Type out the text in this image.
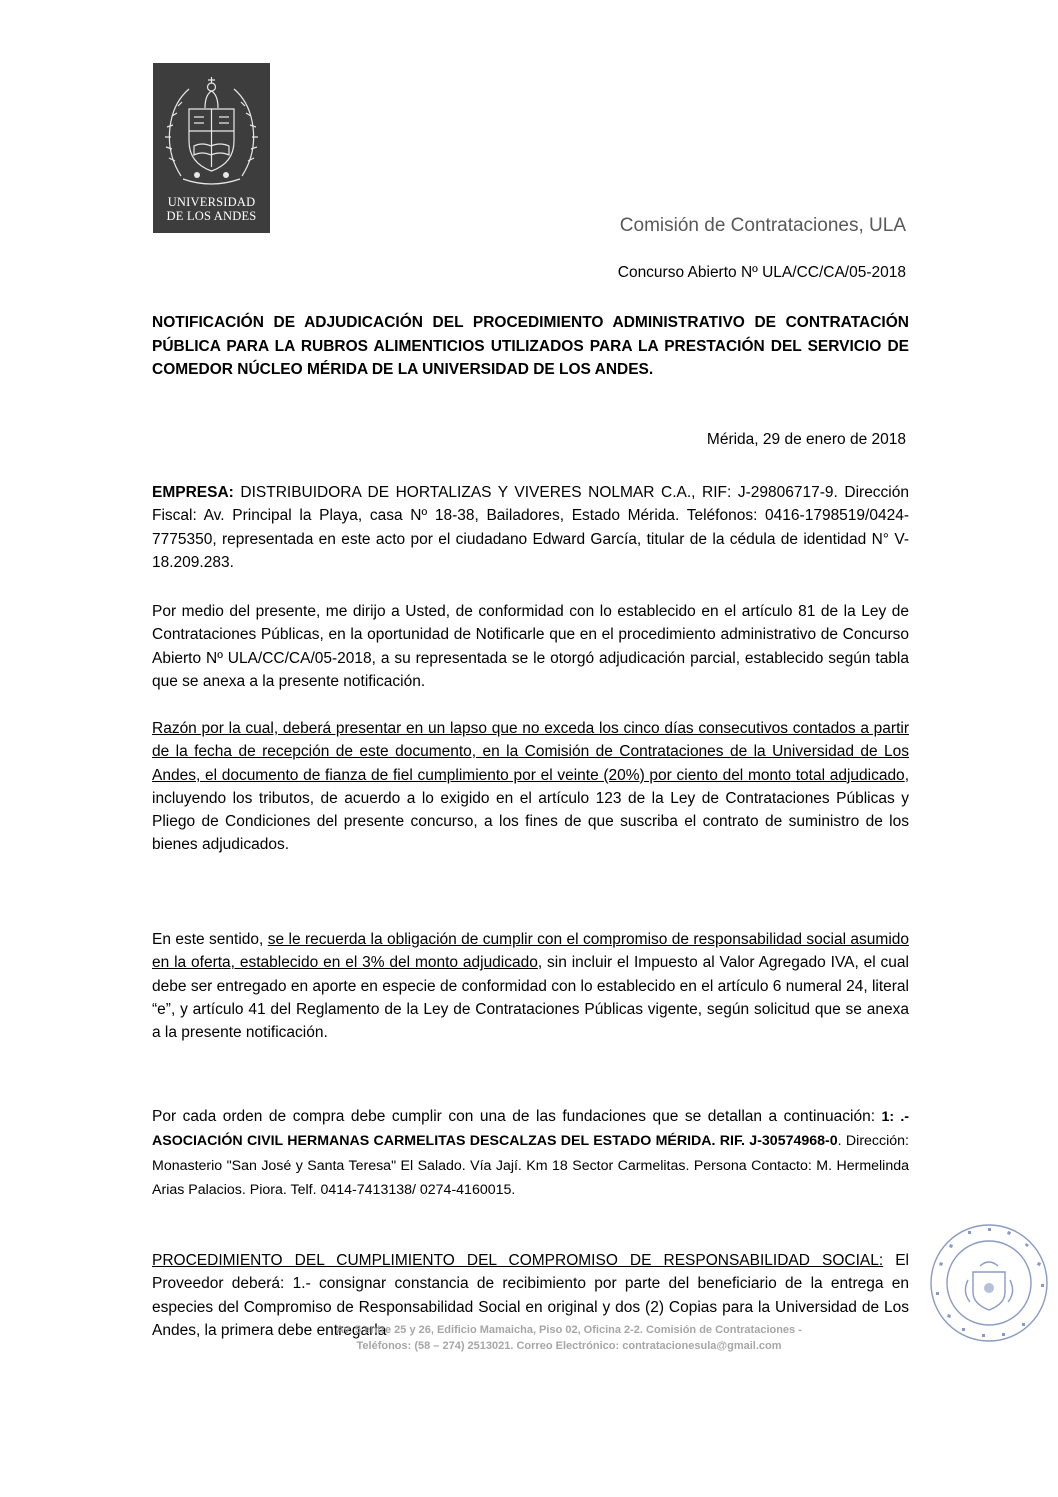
UNIVERSIDAD
DE LOS ANDES	Comisión de Contrataciones, ULA
Concurso Abierto Nº ULA/CC/CA/05-2018
NOTIFICACIÓN DE ADJUDICACIÓN DEL PROCEDIMIENTO ADMINISTRATIVO DE CONTRATACIÓN PÚBLICA PARA LA RUBROS ALIMENTICIOS UTILIZADOS PARA LA PRESTACIÓN DEL SERVICIO DE COMEDOR NÚCLEO MÉRIDA DE LA UNIVERSIDAD DE LOS ANDES.
Mérida, 29 de enero de 2018
EMPRESA: DISTRIBUIDORA DE HORTALIZAS Y VIVERES NOLMAR C.A., RIF: J-29806717-9. Dirección Fiscal: Av. Principal la Playa, casa Nº 18-38, Bailadores, Estado Mérida. Teléfonos: 0416-1798519/0424-7775350, representada en este acto por el ciudadano Edward García, titular de la cédula de identidad N° V-18.209.283.
Por medio del presente, me dirijo a Usted, de conformidad con lo establecido en el artículo 81 de la Ley de Contrataciones Públicas, en la oportunidad de Notificarle que en el procedimiento administrativo de Concurso Abierto Nº ULA/CC/CA/05-2018, a su representada se le otorgó adjudicación parcial, establecido según tabla que se anexa a la presente notificación.
Razón por la cual, deberá presentar en un lapso que no exceda los cinco días consecutivos contados a partir de la fecha de recepción de este documento, en la Comisión de Contrataciones de la Universidad de Los Andes, el documento de fianza de fiel cumplimiento por el veinte (20%) por ciento del monto total adjudicado, incluyendo los tributos, de acuerdo a lo exigido en el artículo 123 de la Ley de Contrataciones Públicas y Pliego de Condiciones del presente concurso, a los fines de que suscriba el contrato de suministro de los bienes adjudicados.
En este sentido, se le recuerda la obligación de cumplir con el compromiso de responsabilidad social asumido en la oferta, establecido en el 3% del monto adjudicado, sin incluir el Impuesto al Valor Agregado IVA, el cual debe ser entregado en aporte en especie de conformidad con lo establecido en el artículo 6 numeral 24, literal “e”, y artículo 41 del Reglamento de la Ley de Contrataciones Públicas vigente, según solicitud que se anexa a la presente notificación.
Por cada orden de compra debe cumplir con una de las fundaciones que se detallan a continuación: 1: .-ASOCIACIÓN CIVIL HERMANAS CARMELITAS DESCALZAS DEL ESTADO MÉRIDA. RIF. J-30574968-0. Dirección: Monasterio "San José y Santa Teresa" El Salado. Vía Jají. Km 18 Sector Carmelitas. Persona Contacto: M. Hermelinda Arias Palacios. Piora. Telf. 0414-7413138/ 0274-4160015.
PROCEDIMIENTO DEL CUMPLIMIENTO DEL COMPROMISO DE RESPONSABILIDAD SOCIAL: El Proveedor deberá: 1.- consignar constancia de recibimiento por parte del beneficiario de la entrega en especies del Compromiso de Responsabilidad Social en original y dos (2) Copias para la Universidad de Los Andes, la primera debe entregarla
Av. 5 entre 25 y 26, Edificio Mamaicha, Piso 02, Oficina 2-2. Comisión de Contrataciones -
Teléfonos: (58 – 274) 2513021. Correo Electrónico: contratacionesula@gmail.com
